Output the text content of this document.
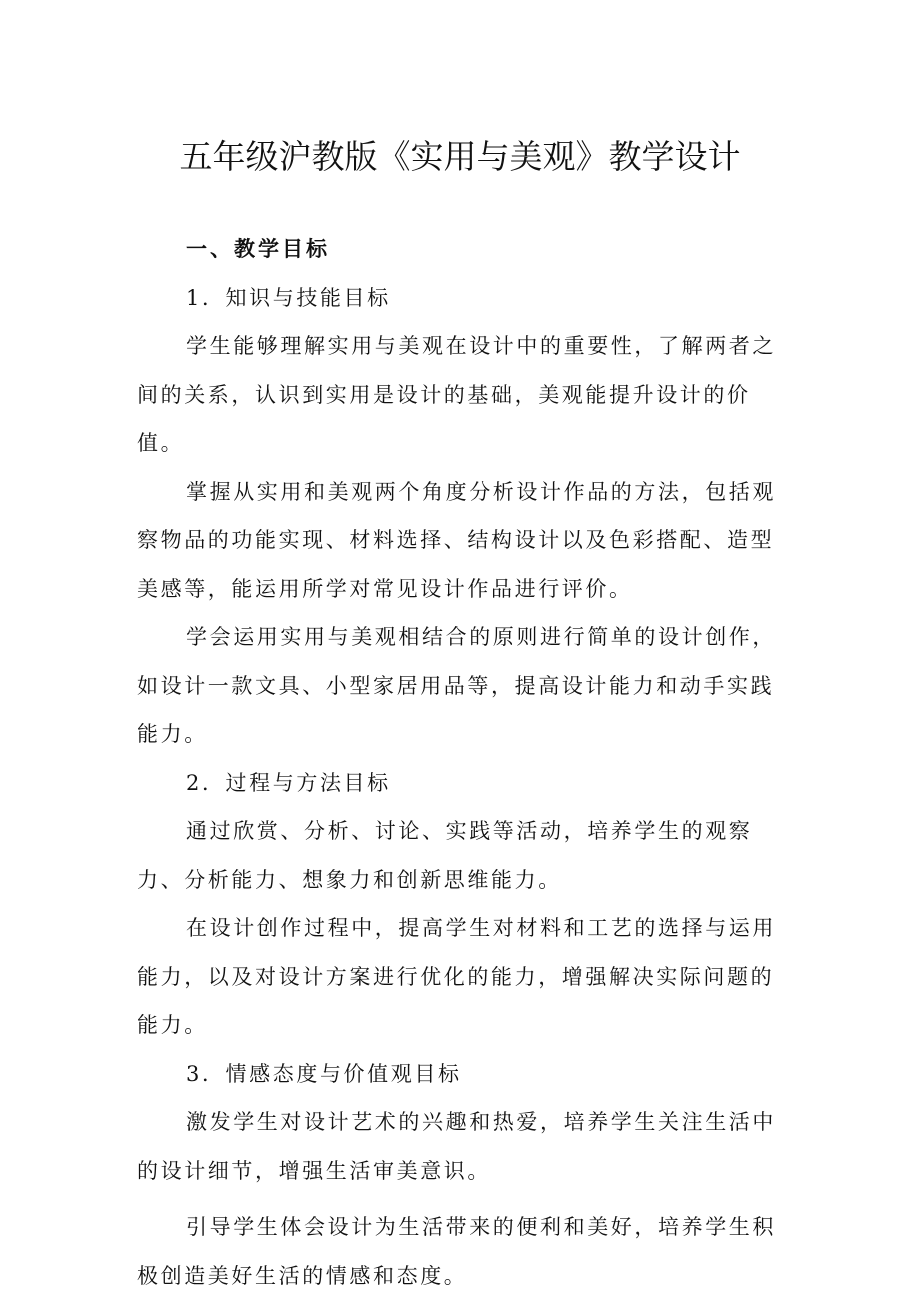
五年级沪教版《实用与美观》教学设计
一、教学目标
1．知识与技能目标

学生能够理解实用与美观在设计中的重要性，了解两者之间的关系，认识到实用是设计的基础，美观能提升设计的价值。

掌握从实用和美观两个角度分析设计作品的方法，包括观察物品的功能实现、材料选择、结构设计以及色彩搭配、造型美感等，能运用所学对常见设计作品进行评价。

学会运用实用与美观相结合的原则进行简单的设计创作，如设计一款文具、小型家居用品等，提高设计能力和动手实践能力。

2．过程与方法目标

通过欣赏、分析、讨论、实践等活动，培养学生的观察力、分析能力、想象力和创新思维能力。

在设计创作过程中，提高学生对材料和工艺的选择与运用能力，以及对设计方案进行优化的能力，增强解决实际问题的能力。

3．情感态度与价值观目标

激发学生对设计艺术的兴趣和热爱，培养学生关注生活中的设计细节，增强生活审美意识。

引导学生体会设计为生活带来的便利和美好，培养学生积极创造美好生活的情感和态度。
